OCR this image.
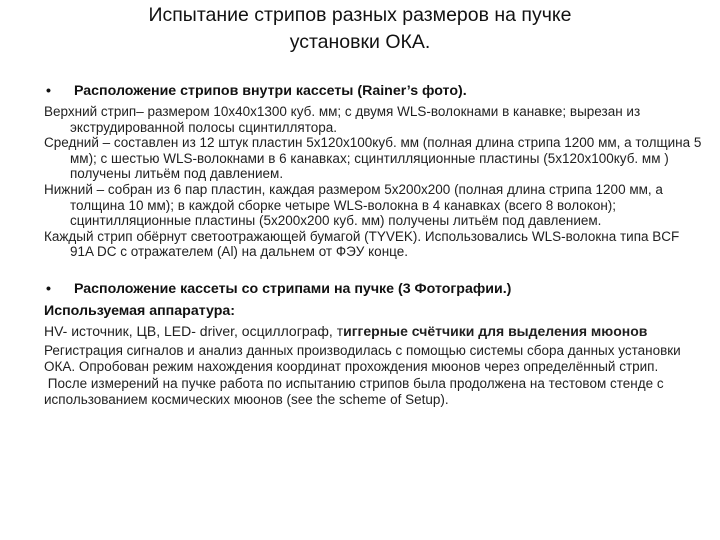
Испытание стрипов разных размеров на пучке
установки ОКА.
•	Расположение стрипов внутри кассеты (Rainer’s фото).

Верхний стрип– размером 10x40x1300 куб. мм; с двумя WLS-волокнами в канавке; вырезан из экструдированной полосы сцинтиллятора.

Средний – составлен из 12 штук пластин 5x120x100куб. мм (полная длина стрипа 1200 мм, а толщина 5 мм); с шестью WLS-волокнами в 6 канавках; сцинтилляционные пластины (5x120x100куб. мм ) получены литьём под давлением.

Нижний – собран из 6 пар пластин, каждая размером 5x200x200 (полная длина стрипа 1200 мм, а толщина 10 мм); в каждой сборке четыре WLS-волокна в 4 канавках (всего 8 волокон); сцинтилляционные пластины (5x200x200 куб. мм) получены литьём под давлением.

Каждый стрип обёрнут светоотражающей бумагой (TYVEK). Использовались WLS-волокна типа BCF 91A DC с отражателем (Al) на дальнем от ФЭУ конце.

•	Расположение кассеты со стрипами на пучке (3 Фотографии.)
Используемая аппаратура:
HV- источник, ЦВ, LED- driver, осциллограф, тиггерные счётчики для выделения мюонов

Регистрация сигналов и анализ данных производилась с помощью системы сбора данных установки ОКА. Опробован режим нахождения координат прохождения мюонов через определённый стрип.

После измерений на пучке работа по испытанию стрипов была продолжена на тестовом стенде с использованием космических мюонов (see the scheme of Setup).
